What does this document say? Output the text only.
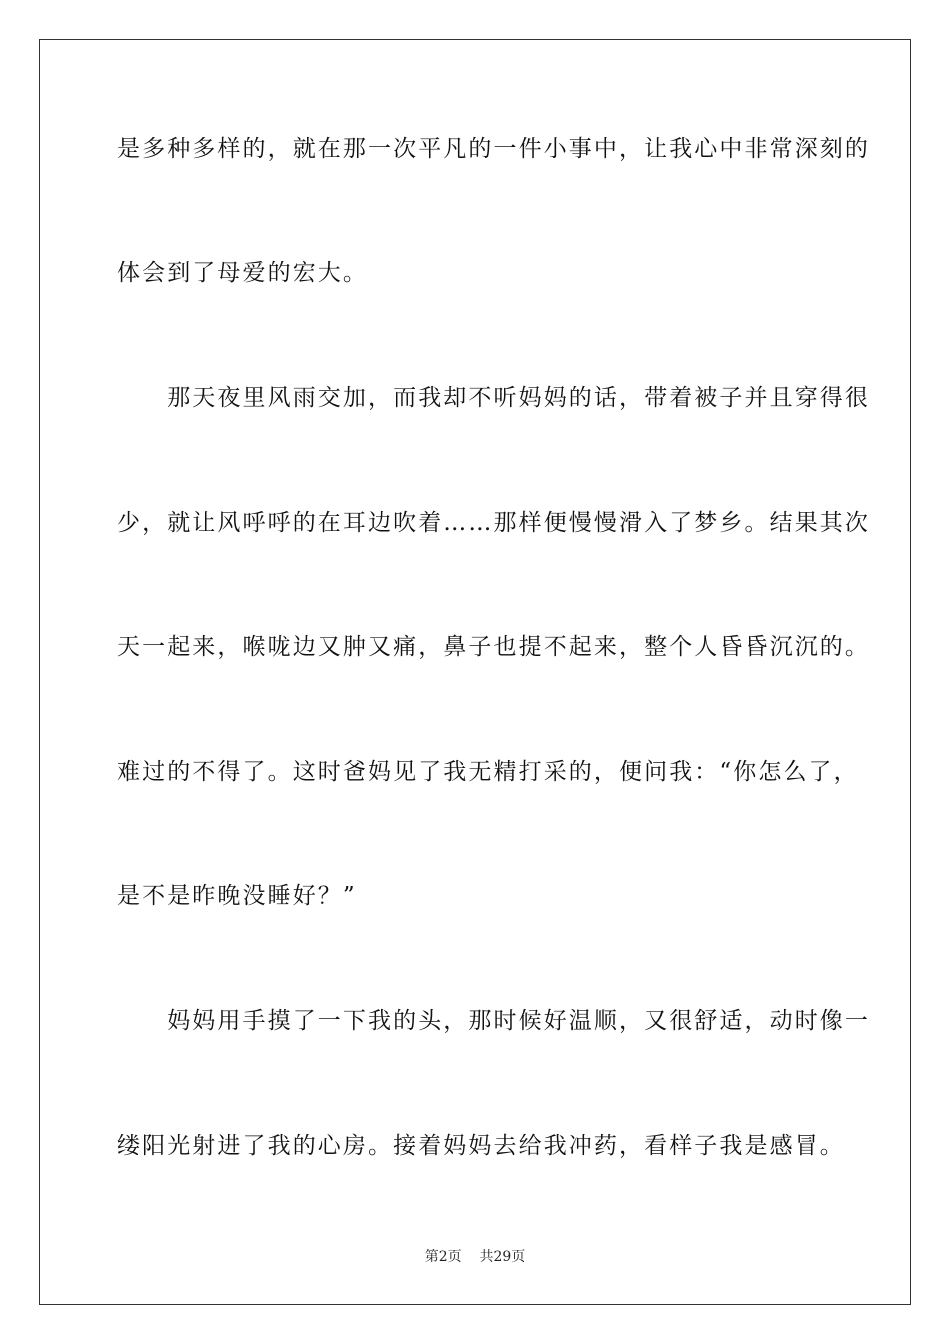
是多种多样的，就在那一次平凡的一件小事中，让我心中非常深刻的
体会到了母爱的宏大。
　　那天夜里风雨交加，而我却不听妈妈的话，带着被子并且穿得很
少，就让风呼呼的在耳边吹着……那样便慢慢滑入了梦乡。结果其次
天一起来，喉咙边又肿又痛，鼻子也提不起来，整个人昏昏沉沉的。
难过的不得了。这时爸妈见了我无精打采的，便问我：“你怎么了，
是不是昨晚没睡好？”
　　妈妈用手摸了一下我的头，那时候好温顺，又很舒适，动时像一
缕阳光射进了我的心房。接着妈妈去给我冲药，看样子我是感冒。
第2页 共29页
